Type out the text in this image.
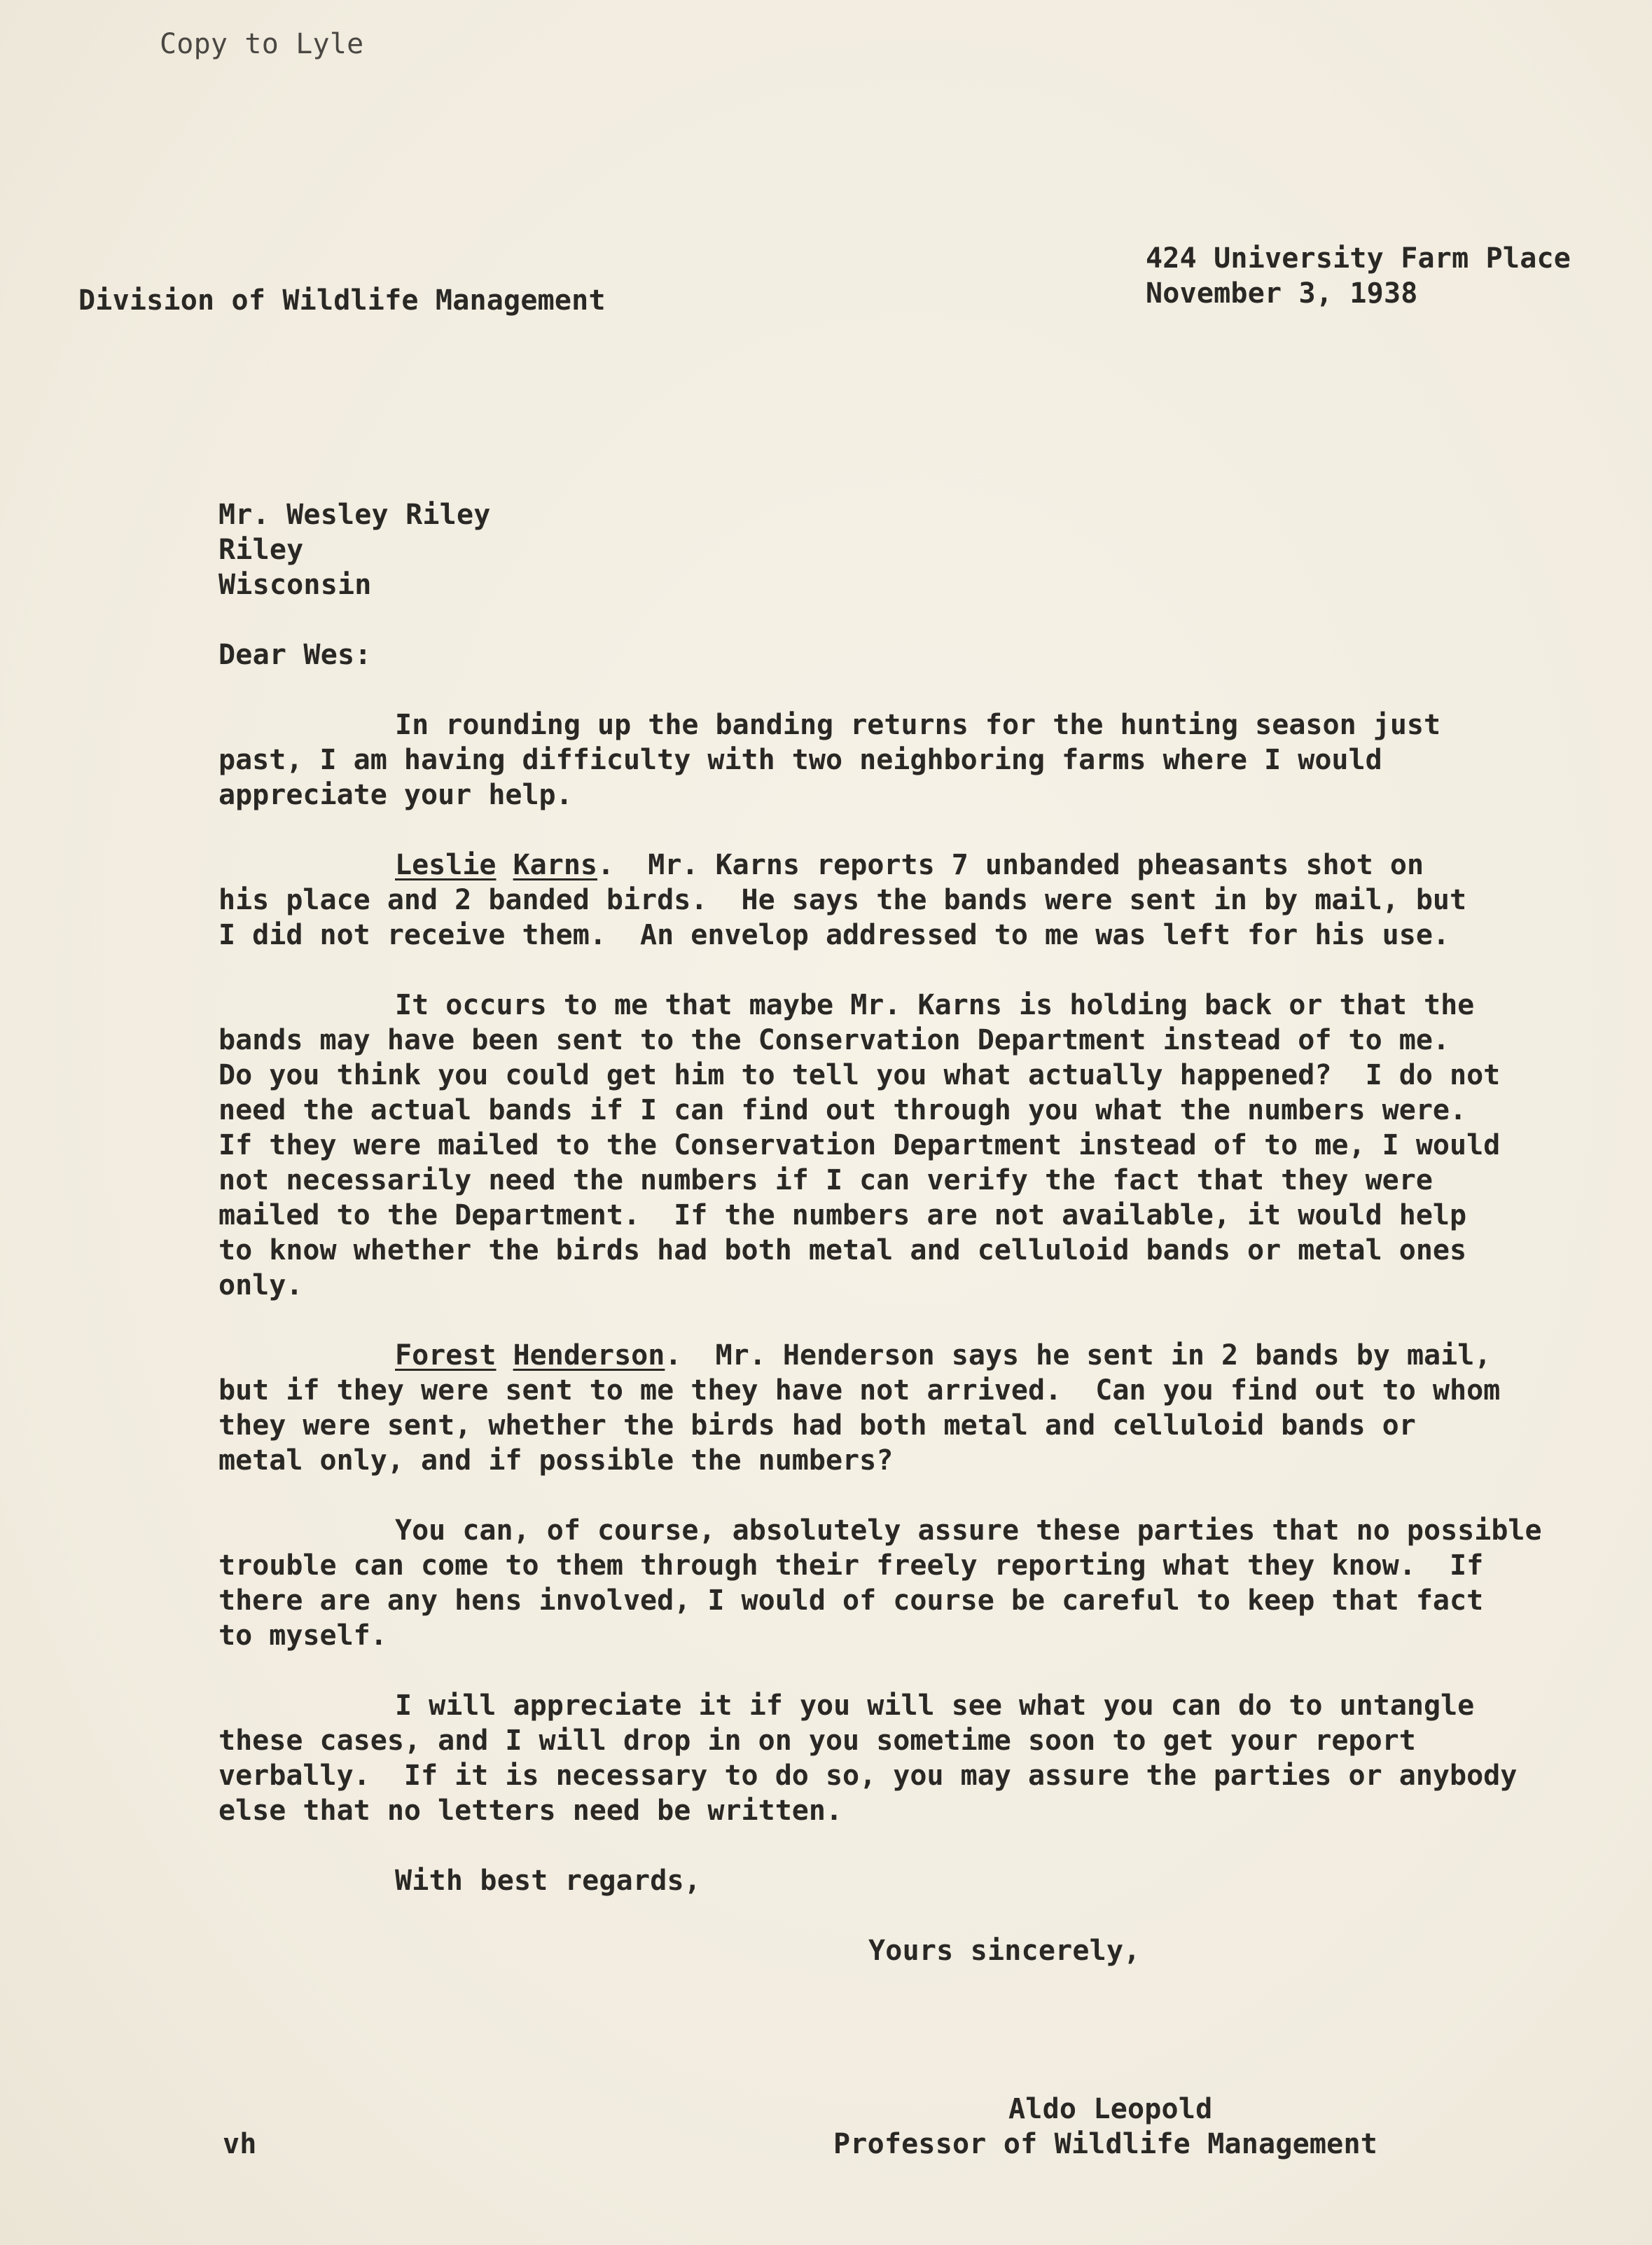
Copy to Lyle
424 University Farm Place
Division of Wildlife Management	November 3, 1938
Mr. Wesley Riley
Riley
Wisconsin
Dear Wes:
In rounding up the banding returns for the hunting season just
past, I am having difficulty with two neighboring farms where I would
appreciate your help.
Leslie Karns.  Mr. Karns reports 7 unbanded pheasants shot on
his place and 2 banded birds.  He says the bands were sent in by mail, but
I did not receive them.  An envelop addressed to me was left for his use.
It occurs to me that maybe Mr. Karns is holding back or that the
bands may have been sent to the Conservation Department instead of to me.
Do you think you could get him to tell you what actually happened?  I do not
need the actual bands if I can find out through you what the numbers were.
If they were mailed to the Conservation Department instead of to me, I would
not necessarily need the numbers if I can verify the fact that they were
mailed to the Department.  If the numbers are not available, it would help
to know whether the birds had both metal and celluloid bands or metal ones
only.
Forest Henderson.  Mr. Henderson says he sent in 2 bands by mail,
but if they were sent to me they have not arrived.  Can you find out to whom
they were sent, whether the birds had both metal and celluloid bands or
metal only, and if possible the numbers?
You can, of course, absolutely assure these parties that no possible
trouble can come to them through their freely reporting what they know.  If
there are any hens involved, I would of course be careful to keep that fact
to myself.
I will appreciate it if you will see what you can do to untangle
these cases, and I will drop in on you sometime soon to get your report
verbally.  If it is necessary to do so, you may assure the parties or anybody
else that no letters need be written.
With best regards,
Yours sincerely,
Aldo Leopold
vh	Professor of Wildlife Management
